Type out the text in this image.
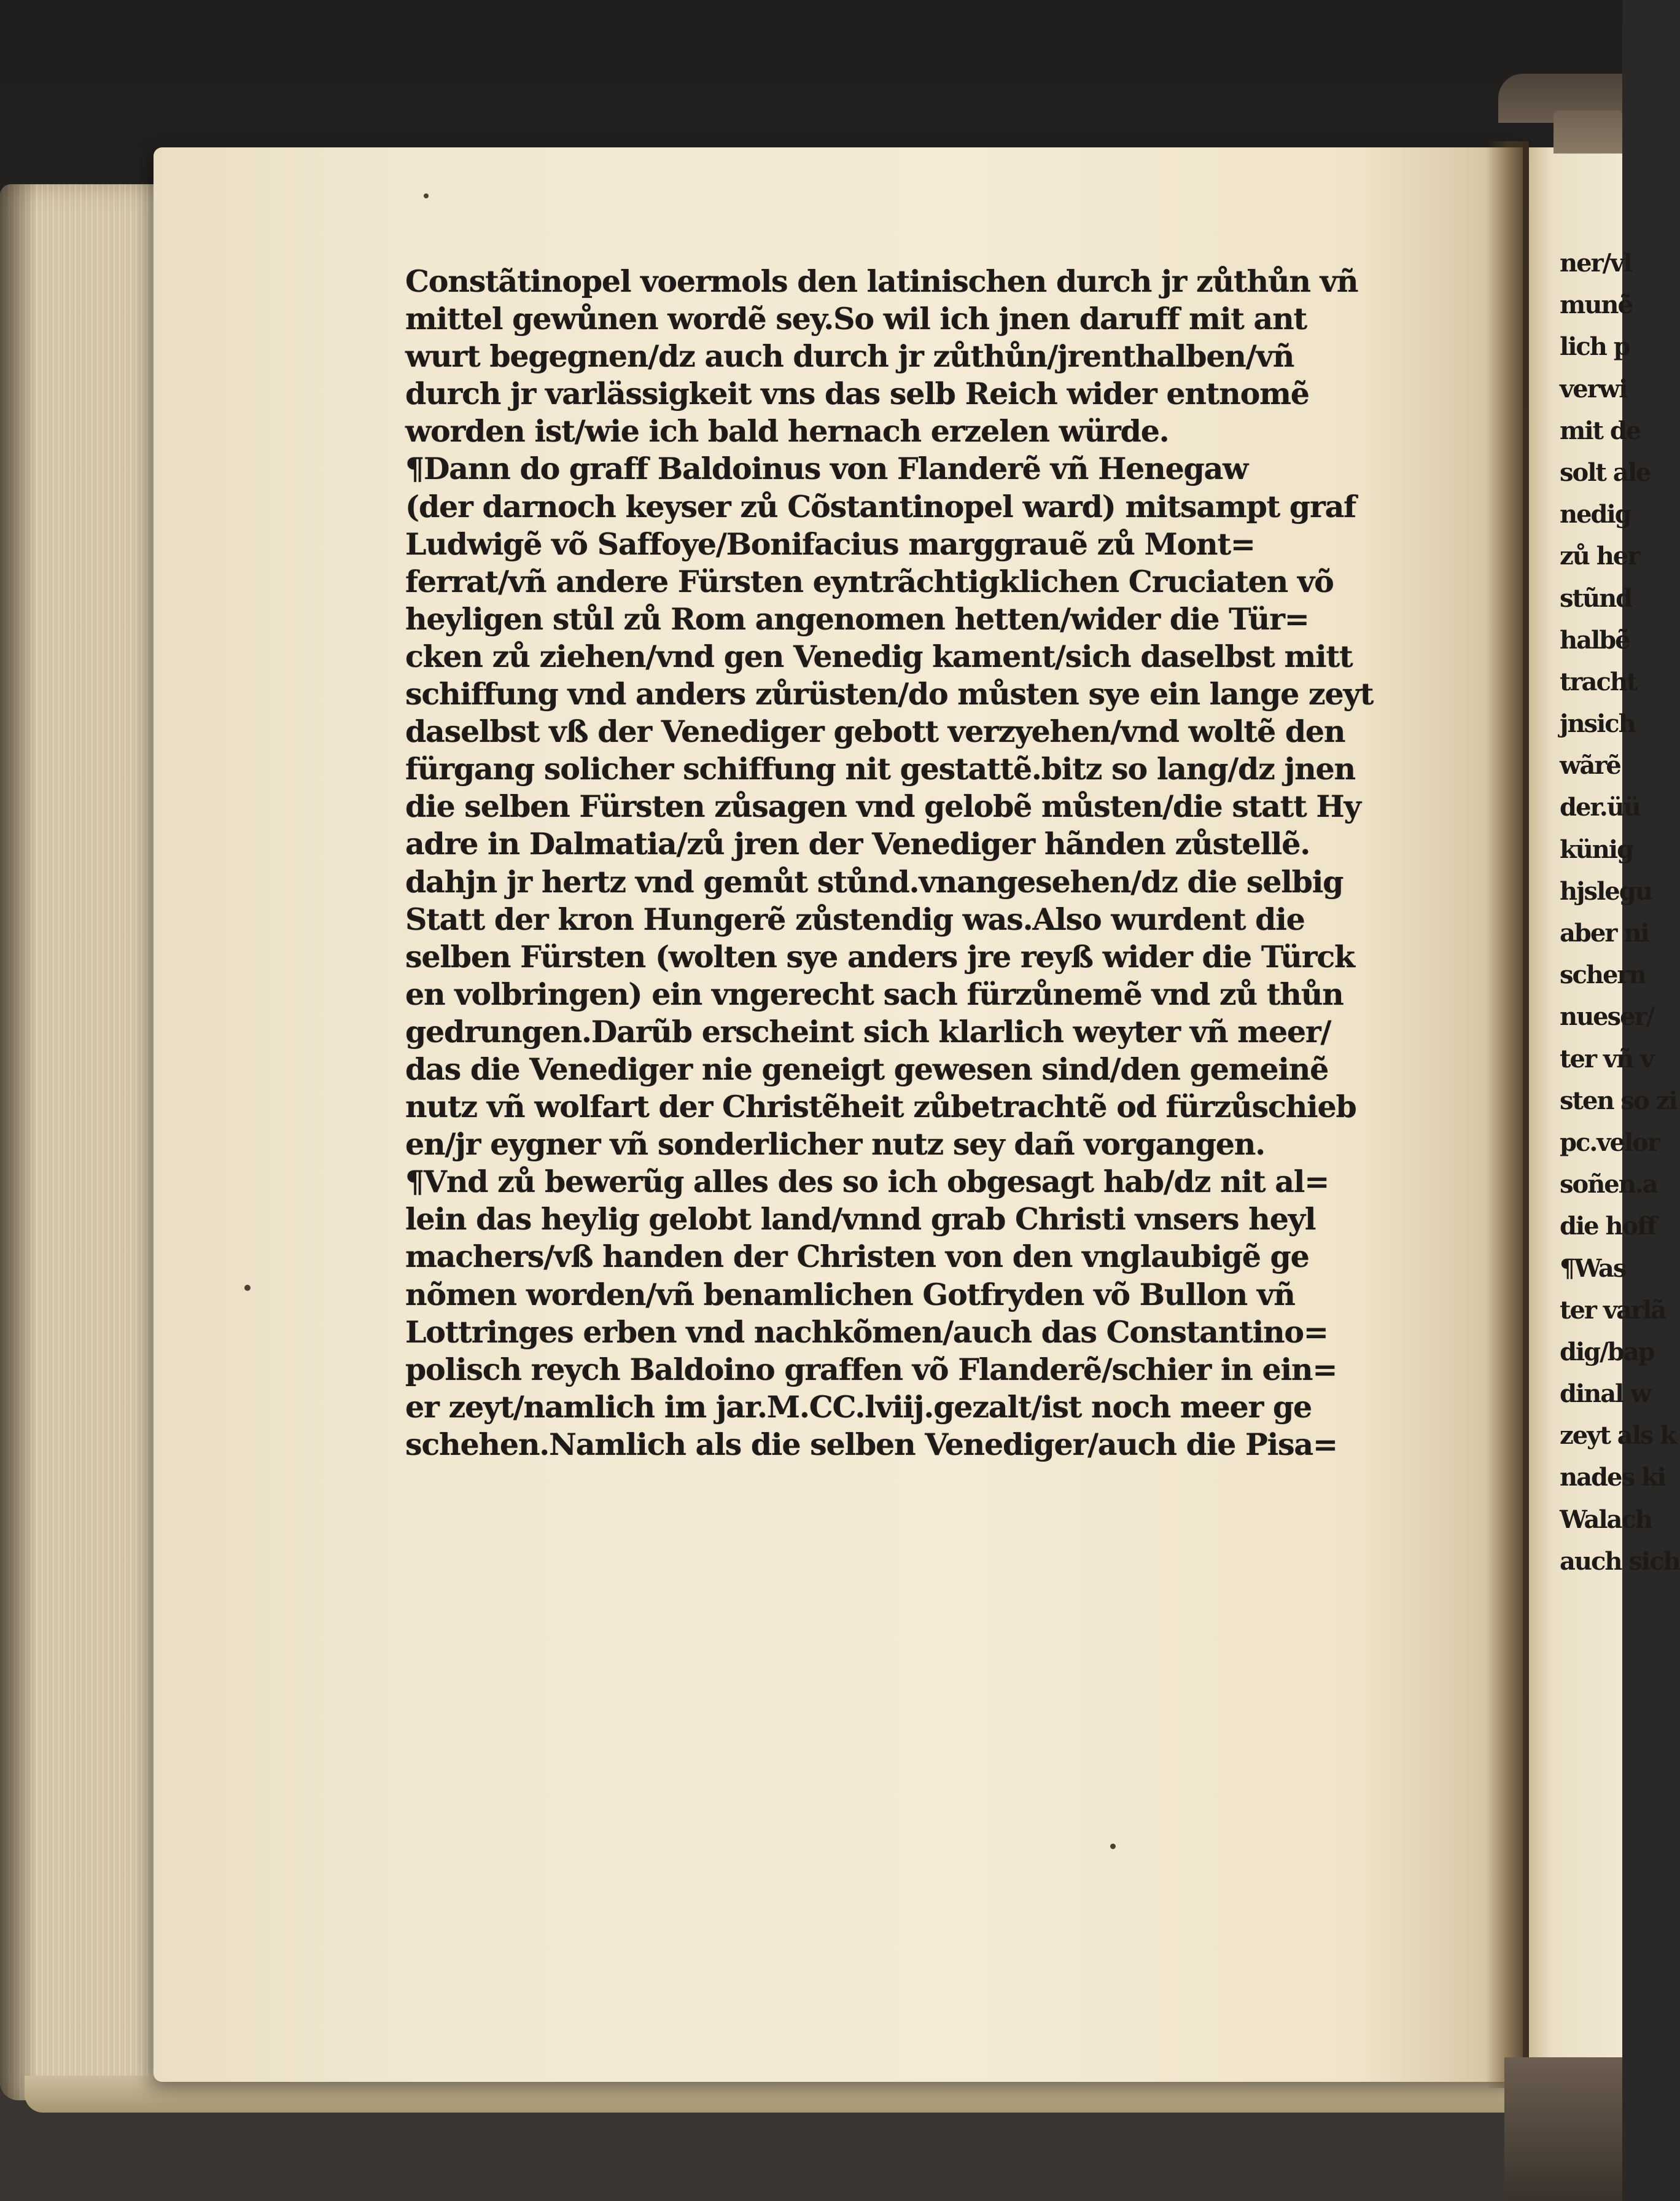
Constãtinopel voermols den latinischen durch jr zůthůn vñ
mittel gewůnen wordẽ sey.So wil ich jnen daruff mit ant
wurt begegnen/dz auch durch jr zůthůn/jrenthalben/vñ
durch jr varlässigkeit vns das selb Reich wider entnomẽ
worden ist/wie ich bald hernach erzelen würde.
¶Dann do graff Baldoinus von Flanderẽ vñ Henegaw
(der darnoch keyser zů Cõstantinopel ward) mitsampt graf
Ludwigẽ võ Saffoye/Bonifacius marggrauẽ zů Mont=
ferrat/vñ andere Fürsten eyntrãchtigklichen Cruciaten võ
heyligen stůl zů Rom angenomen hetten/wider die Tür=
cken zů ziehen/vnd gen Venedig kament/sich daselbst mitt
schiffung vnd anders zůrüsten/do můsten sye ein lange zeyt
daselbst vß der Venediger gebott verzyehen/vnd woltẽ den
fürgang solicher schiffung nit gestattẽ.bitz so lang/dz jnen
die selben Fürsten zůsagen vnd gelobẽ můsten/die statt Hy
adre in Dalmatia/zů jren der Venediger hãnden zůstellẽ.
dahjn jr hertz vnd gemůt stůnd.vnangesehen/dz die selbig
Statt der kron Hungerẽ zůstendig was.Also wurdent die
selben Fürsten (wolten sye anders jre reyß wider die Türck
en volbringen) ein vngerecht sach fürzůnemẽ vnd zů thůn
gedrungen.Darũb erscheint sich klarlich weyter vñ meer/
das die Venediger nie geneigt gewesen sind/den gemeinẽ
nutz vñ wolfart der Christẽheit zůbetrachtẽ od fürzůschieb
en/jr eygner vñ sonderlicher nutz sey dañ vorgangen.
¶Vnd zů bewerũg alles des so ich obgesagt hab/dz nit al=
lein das heylig gelobt land/vnnd grab Christi vnsers heyl
machers/vß handen der Christen von den vnglaubigẽ ge
nõmen worden/vñ benamlichen Gotfryden võ Bullon vñ
Lottringes erben vnd nachkõmen/auch das Constantino=
polisch reych Baldoino graffen võ Flanderẽ/schier in ein=
er zeyt/namlich im jar.M.CC.lviij.gezalt/ist noch meer ge
schehen.Namlich als die selben Venediger/auch die Pisa=
ner/vl
munẽ
lich p
verwi
mit de
solt ale
nedig
zů her
stũnd
halbẽ
tracht
jnsich
wãrẽ
der.üü
künig
hjslegu
aber ni
schern
nueser/
ter vñ v
sten so zi
pc.velor
soñen.a
die hoff
¶Was
ter varlã
dig/bap
dinal w
zeyt als k
nades ki
Walach
auch sich
